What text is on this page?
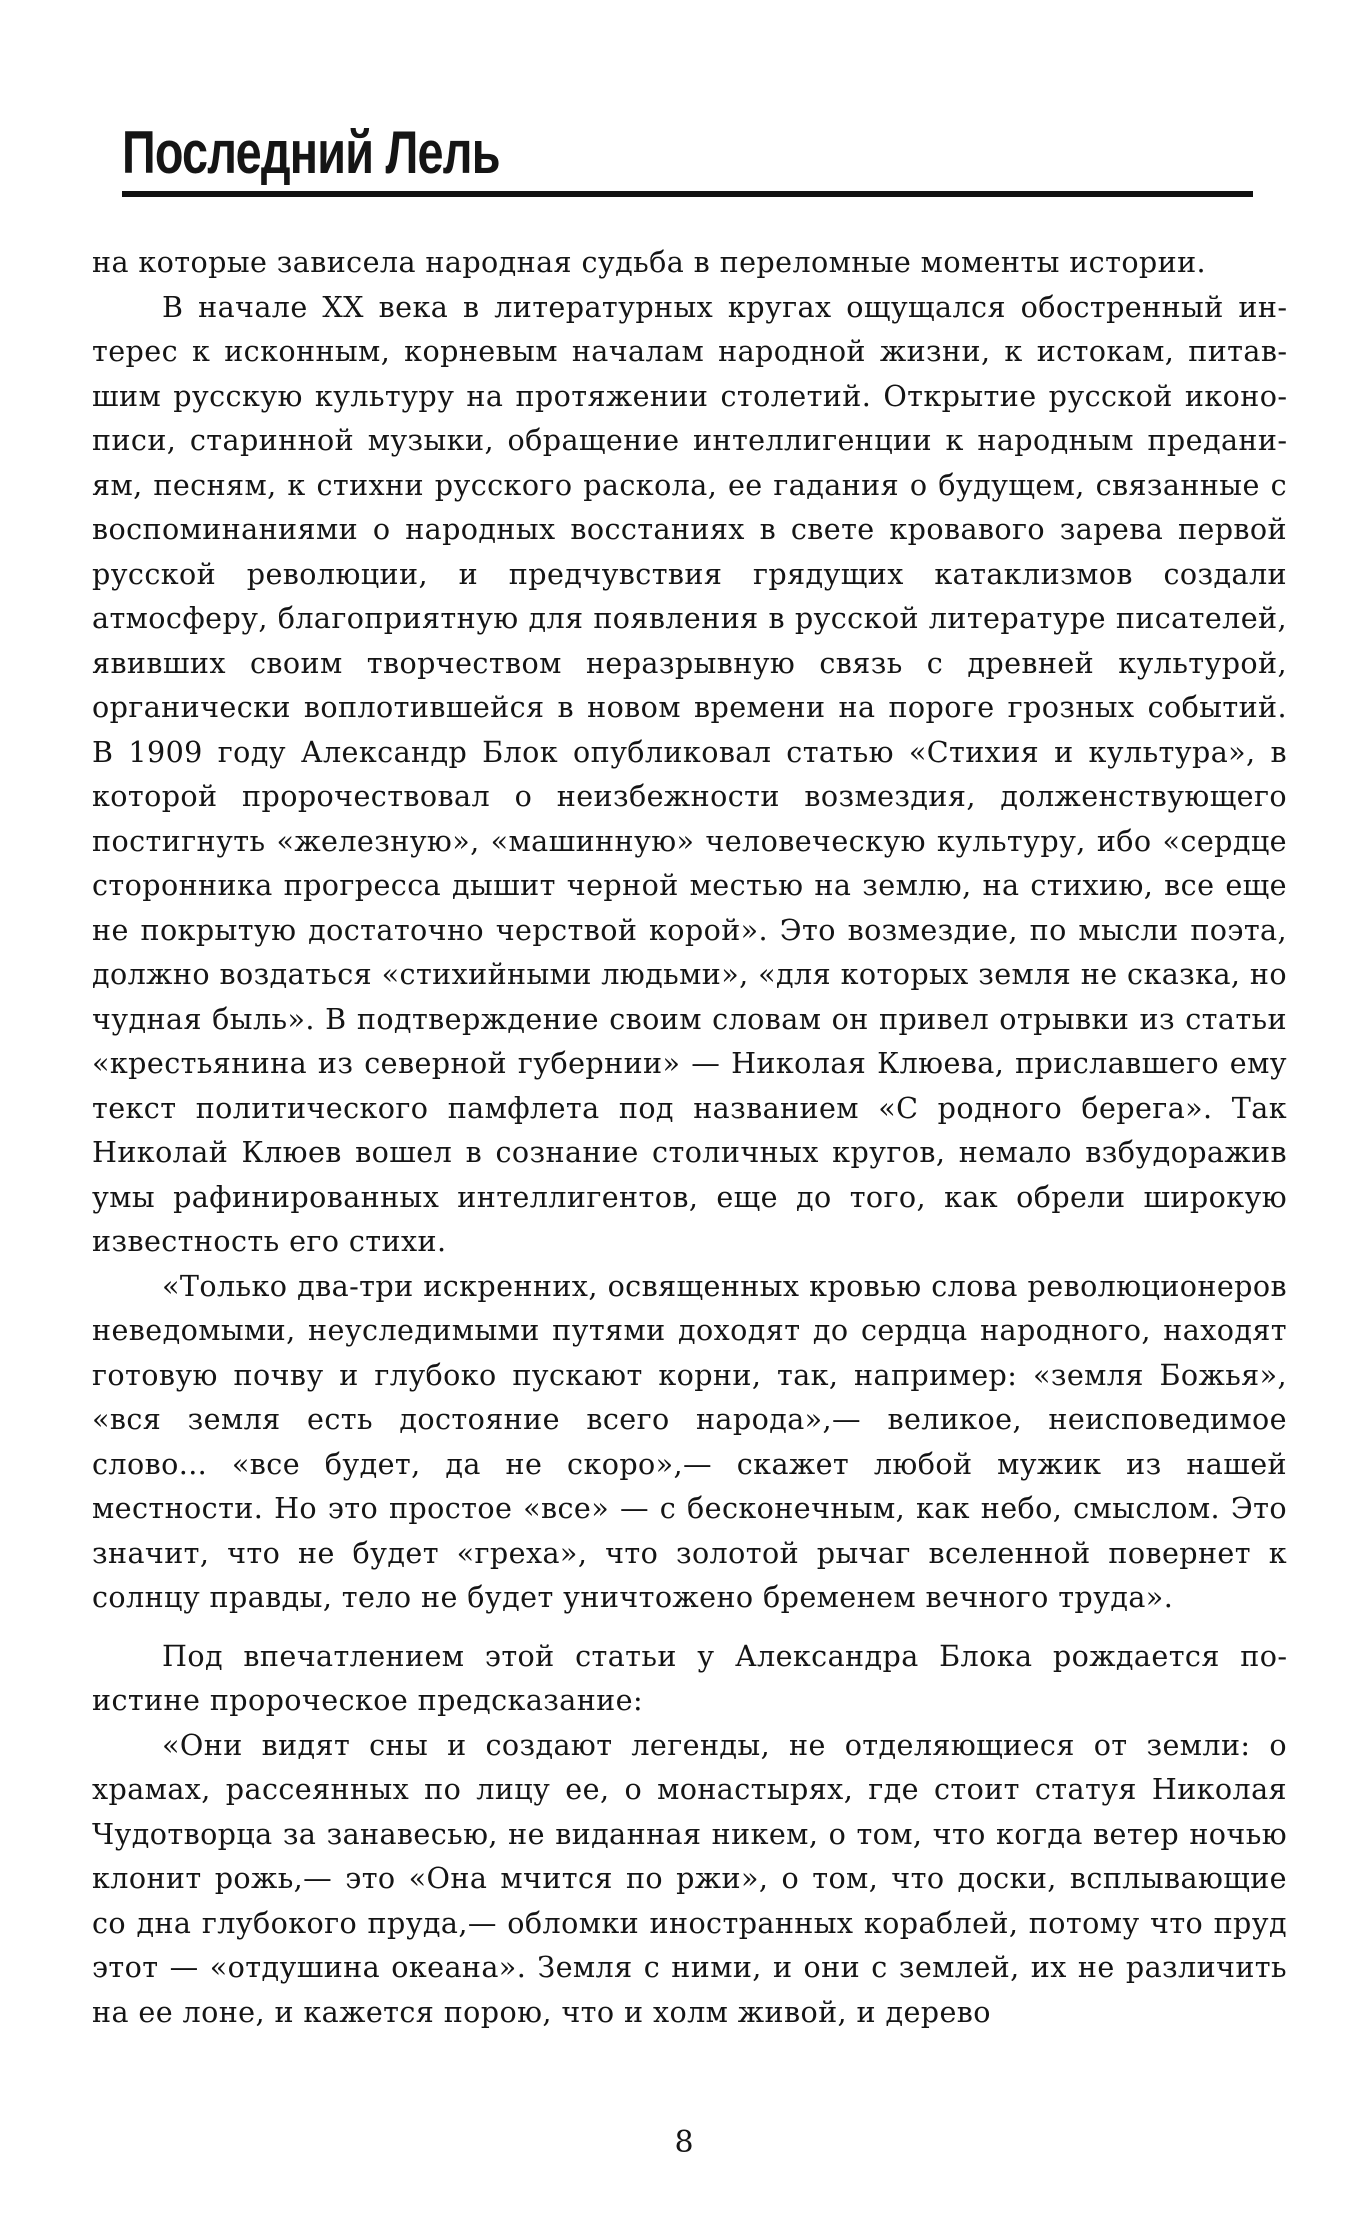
Последний Лель

на которые зависела народная судьба в переломные моменты истории.

В начале XX века в литературных кругах ощущался обостренный интерес к исконным, корневым началам народной жизни, к истокам, питавшим русскую культуру на протяжении столетий. Открытие русской иконописи, старинной музыки, обращение интеллигенции к народным преданиям, песням, к стихни русского раскола, ее гадания о будущем, связанные с воспоминаниями о народных восстаниях в свете кровавого зарева первой русской революции, и предчувствия грядущих катаклизмов создали атмосферу, благоприятную для появления в русской литературе писателей, явивших своим творчеством неразрывную связь с древней культурой, органически воплотившейся в новом времени на пороге грозных событий. В 1909 году Александр Блок опубликовал статью «Стихия и культура», в которой пророчествовал о неизбежности возмездия, долженствующего постигнуть «железную», «машинную» человеческую культуру, ибо «сердце сторонника прогресса дышит черной местью на землю, на стихию, все еще не покрытую достаточно черствой корой». Это возмездие, по мысли поэта, должно воздаться «стихийными людьми», «для которых земля не сказка, но чудная быль». В подтверждение своим словам он привел отрывки из статьи «крестьянина из северной губернии» — Николая Клюева, приславшего ему текст политического памфлета под названием «С родного берега». Так Николай Клюев вошел в сознание столичных кругов, немало взбудоражив умы рафинированных интеллигентов, еще до того, как обрели широкую известность его стихи.

«Только два-три искренних, освященных кровью слова революционеров неведомыми, неуследимыми путями доходят до сердца народного, находят готовую почву и глубоко пускают корни, так, например: «земля Божья», «вся земля есть достояние всего народа»,— великое, неисповедимое слово... «все будет, да не скоро»,— скажет любой мужик из нашей местности. Но это простое «все» — с бесконечным, как небо, смыслом. Это значит, что не будет «греха», что золотой рычаг вселенной повернет к солнцу правды, тело не будет уничтожено бременем вечного труда».

Под впечатлением этой статьи у Александра Блока рождается поистине пророческое предсказание:

«Они видят сны и создают легенды, не отделяющиеся от земли: о храмах, рассеянных по лицу ее, о монастырях, где стоит статуя Николая Чудотворца за занавесью, не виданная никем, о том, что когда ветер ночью клонит рожь,— это «Она мчится по ржи», о том, что доски, всплывающие со дна глубокого пруда,— обломки иностранных кораблей, потому что пруд этот — «отдушина океана». Земля с ними, и они с землей, их не различить на ее лоне, и кажется порою, что и холм живой, и дерево

8
